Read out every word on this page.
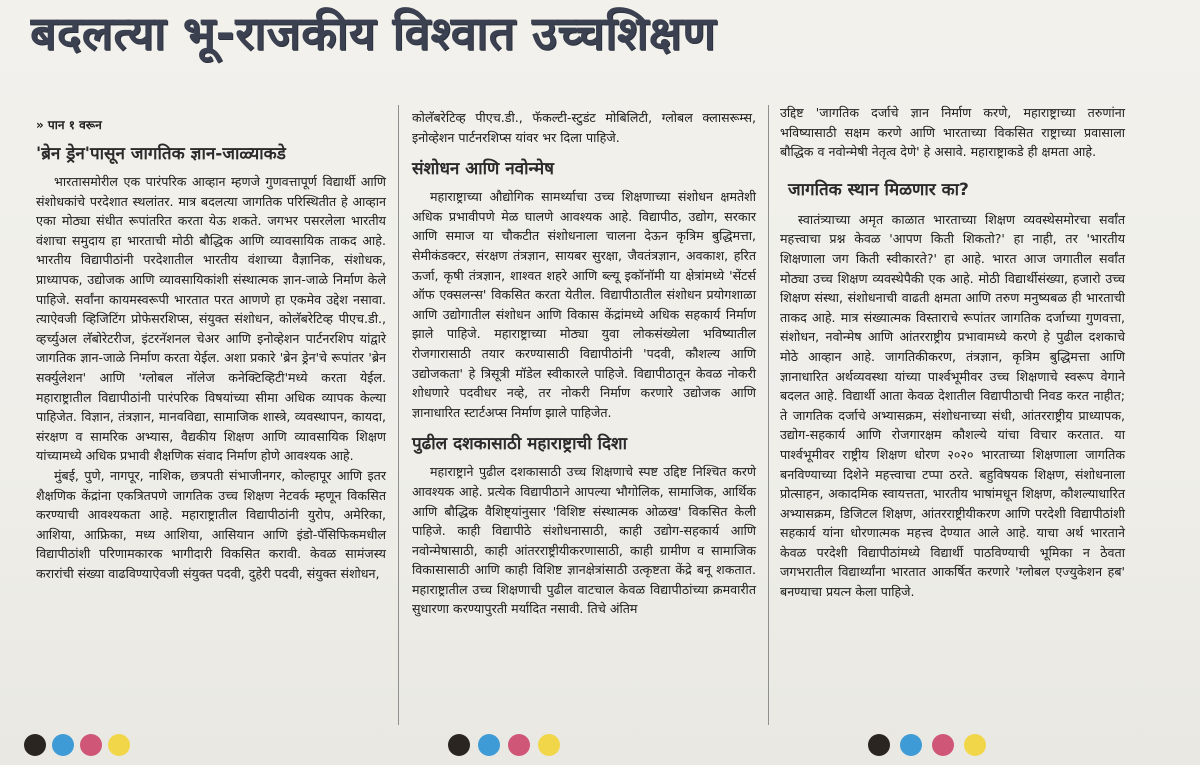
बदलत्या भू-राजकीय विश्वात उच्चशिक्षण
» पान १ वरून
'ब्रेन ड्रेन'पासून जागतिक ज्ञान-जाळ्याकडे

भारतासमोरील एक पारंपरिक आव्हान म्हणजे गुणवत्तापूर्ण विद्यार्थी आणि संशोधकांचे परदेशात स्थलांतर. मात्र बदलत्या जागतिक परिस्थितीत हे आव्हान एका मोठ्या संधीत रूपांतरित करता येऊ शकते. जगभर पसरलेला भारतीय वंशाचा समुदाय हा भारताची मोठी बौद्धिक आणि व्यावसायिक ताकद आहे. भारतीय विद्यापीठांनी परदेशातील भारतीय वंशाच्या वैज्ञानिक, संशोधक, प्राध्यापक, उद्योजक आणि व्यावसायिकांशी संस्थात्मक ज्ञान-जाळे निर्माण केले पाहिजे. सर्वांना कायमस्वरूपी भारतात परत आणणे हा एकमेव उद्देश नसावा. त्याऐवजी व्हिजिटिंग प्रोफेसरशिप्स, संयुक्त संशोधन, कोलॅबरेटिव्ह पीएच.डी., व्हर्च्युअल लॅबोरेटरीज, इंटरनॅशनल चेअर आणि इनोव्हेशन पार्टनरशिप यांद्वारे जागतिक ज्ञान-जाळे निर्माण करता येईल. अशा प्रकारे 'ब्रेन ड्रेन'चे रूपांतर 'ब्रेन सर्क्युलेशन' आणि 'ग्लोबल नॉलेज कनेक्टिव्हिटी'मध्ये करता येईल. महाराष्ट्रातील विद्यापीठांनी पारंपरिक विषयांच्या सीमा अधिक व्यापक केल्या पाहिजेत. विज्ञान, तंत्रज्ञान, मानवविद्या, सामाजिक शास्त्रे, व्यवस्थापन, कायदा, संरक्षण व सामरिक अभ्यास, वैद्यकीय शिक्षण आणि व्यावसायिक शिक्षण यांच्यामध्ये अधिक प्रभावी शैक्षणिक संवाद निर्माण होणे आवश्यक आहे.

मुंबई, पुणे, नागपूर, नाशिक, छत्रपती संभाजीनगर, कोल्हापूर आणि इतर शैक्षणिक केंद्रांना एकत्रितपणे जागतिक उच्च शिक्षण नेटवर्क म्हणून विकसित करण्याची आवश्यकता आहे. महाराष्ट्रातील विद्यापीठांनी युरोप, अमेरिका, आशिया, आफ्रिका, मध्य आशिया, आसियान आणि इंडो-पॅसिफिकमधील विद्यापीठांशी परिणामकारक भागीदारी विकसित करावी. केवळ सामंजस्य करारांची संख्या वाढविण्याऐवजी संयुक्त पदवी, दुहेरी पदवी, संयुक्त संशोधन,

कोलॅबरेटिव्ह पीएच.डी., फॅकल्टी-स्टुडंट मोबिलिटी, ग्लोबल क्लासरूम्स, इनोव्हेशन पार्टनरशिप्स यांवर भर दिला पाहिजे.

संशोधन आणि नवोन्मेष

महाराष्ट्राच्या औद्योगिक सामर्थ्याचा उच्च शिक्षणाच्या संशोधन क्षमतेशी अधिक प्रभावीपणे मेळ घालणे आवश्यक आहे. विद्यापीठ, उद्योग, सरकार आणि समाज या चौकटीत संशोधनाला चालना देऊन कृत्रिम बुद्धिमत्ता, सेमीकंडक्टर, संरक्षण तंत्रज्ञान, सायबर सुरक्षा, जैवतंत्रज्ञान, अवकाश, हरित ऊर्जा, कृषी तंत्रज्ञान, शाश्वत शहरे आणि ब्ल्यू इकॉनॉमी या क्षेत्रांमध्ये 'सेंटर्स ऑफ एक्सलन्स' विकसित करता येतील. विद्यापीठातील संशोधन प्रयोगशाळा आणि उद्योगातील संशोधन आणि विकास केंद्रांमध्ये अधिक सहकार्य निर्माण झाले पाहिजे. महाराष्ट्राच्या मोठ्या युवा लोकसंख्येला भविष्यातील रोजगारासाठी तयार करण्यासाठी विद्यापीठांनी 'पदवी, कौशल्य आणि उद्योजकता' हे त्रिसूत्री मॉडेल स्वीकारले पाहिजे. विद्यापीठातून केवळ नोकरी शोधणारे पदवीधर नव्हे, तर नोकरी निर्माण करणारे उद्योजक आणि ज्ञानाधारित स्टार्टअप्स निर्माण झाले पाहिजेत.

पुढील दशकासाठी महाराष्ट्राची दिशा

महाराष्ट्राने पुढील दशकासाठी उच्च शिक्षणाचे स्पष्ट उद्दिष्ट निश्चित करणे आवश्यक आहे. प्रत्येक विद्यापीठाने आपल्या भौगोलिक, सामाजिक, आर्थिक आणि बौद्धिक वैशिष्ट्यांनुसार 'विशिष्ट संस्थात्मक ओळख' विकसित केली पाहिजे. काही विद्यापीठे संशोधनासाठी, काही उद्योग-सहकार्य आणि नवोन्मेषासाठी, काही आंतरराष्ट्रीयीकरणासाठी, काही ग्रामीण व सामाजिक विकासासाठी आणि काही विशिष्ट ज्ञानक्षेत्रांसाठी उत्कृष्टता केंद्रे बनू शकतात. महाराष्ट्रातील उच्च शिक्षणाची पुढील वाटचाल केवळ विद्यापीठांच्या क्रमवारीत सुधारणा करण्यापुरती मर्यादित नसावी. तिचे अंतिम

उद्दिष्ट 'जागतिक दर्जाचे ज्ञान निर्माण करणे, महाराष्ट्राच्या तरुणांना भविष्यासाठी सक्षम करणे आणि भारताच्या विकसित राष्ट्राच्या प्रवासाला बौद्धिक व नवोन्मेषी नेतृत्व देणे' हे असावे. महाराष्ट्राकडे ही क्षमता आहे.

जागतिक स्थान मिळणार का?

स्वातंत्र्याच्या अमृत काळात भारताच्या शिक्षण व्यवस्थेसमोरचा सर्वांत महत्त्वाचा प्रश्न केवळ 'आपण किती शिकतो?' हा नाही, तर 'भारतीय शिक्षणाला जग किती स्वीकारते?' हा आहे. भारत आज जगातील सर्वांत मोठ्या उच्च शिक्षण व्यवस्थेपैकी एक आहे. मोठी विद्यार्थीसंख्या, हजारो उच्च शिक्षण संस्था, संशोधनाची वाढती क्षमता आणि तरुण मनुष्यबळ ही भारताची ताकद आहे. मात्र संख्यात्मक विस्ताराचे रूपांतर जागतिक दर्जाच्या गुणवत्ता, संशोधन, नवोन्मेष आणि आंतरराष्ट्रीय प्रभावामध्ये करणे हे पुढील दशकाचे मोठे आव्हान आहे. जागतिकीकरण, तंत्रज्ञान, कृत्रिम बुद्धिमत्ता आणि ज्ञानाधारित अर्थव्यवस्था यांच्या पार्श्वभूमीवर उच्च शिक्षणाचे स्वरूप वेगाने बदलत आहे. विद्यार्थी आता केवळ देशातील विद्यापीठाची निवड करत नाहीत; ते जागतिक दर्जाचे अभ्यासक्रम, संशोधनाच्या संधी, आंतरराष्ट्रीय प्राध्यापक, उद्योग-सहकार्य आणि रोजगारक्षम कौशल्ये यांचा विचार करतात. या पार्श्वभूमीवर राष्ट्रीय शिक्षण धोरण २०२० भारताच्या शिक्षणाला जागतिक बनविण्याच्या दिशेने महत्त्वाचा टप्पा ठरते. बहुविषयक शिक्षण, संशोधनाला प्रोत्साहन, अकादमिक स्वायत्तता, भारतीय भाषांमधून शिक्षण, कौशल्याधारित अभ्यासक्रम, डिजिटल शिक्षण, आंतरराष्ट्रीयीकरण आणि परदेशी विद्यापीठांशी सहकार्य यांना धोरणात्मक महत्त्व देण्यात आले आहे. याचा अर्थ भारताने केवळ परदेशी विद्यापीठांमध्ये विद्यार्थी पाठविण्याची भूमिका न ठेवता जगभरातील विद्यार्थ्यांना भारतात आकर्षित करणारे 'ग्लोबल एज्युकेशन हब' बनण्याचा प्रयत्न केला पाहिजे.
